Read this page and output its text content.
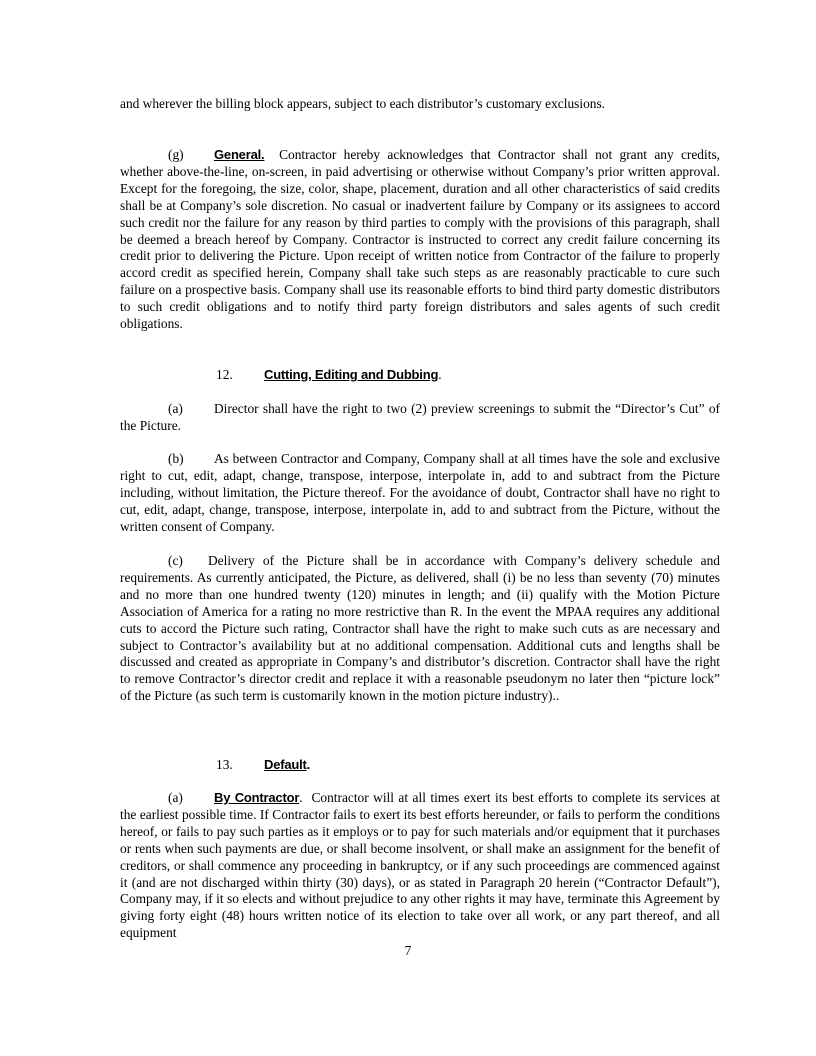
and wherever the billing block appears, subject to each distributor’s customary exclusions.

(g) General. Contractor hereby acknowledges that Contractor shall not grant any credits, whether above-the-line, on-screen, in paid advertising or otherwise without Company’s prior written approval. Except for the foregoing, the size, color, shape, placement, duration and all other characteristics of said credits shall be at Company’s sole discretion. No casual or inadvertent failure by Company or its assignees to accord such credit nor the failure for any reason by third parties to comply with the provisions of this paragraph, shall be deemed a breach hereof by Company. Contractor is instructed to correct any credit failure concerning its credit prior to delivering the Picture. Upon receipt of written notice from Contractor of the failure to properly accord credit as specified herein, Company shall take such steps as are reasonably practicable to cure such failure on a prospective basis. Company shall use its reasonable efforts to bind third party domestic distributors to such credit obligations and to notify third party foreign distributors and sales agents of such credit obligations.

12. Cutting, Editing and Dubbing.

(a) Director shall have the right to two (2) preview screenings to submit the “Director’s Cut” of the Picture.

(b) As between Contractor and Company, Company shall at all times have the sole and exclusive right to cut, edit, adapt, change, transpose, interpose, interpolate in, add to and subtract from the Picture including, without limitation, the Picture thereof. For the avoidance of doubt, Contractor shall have no right to cut, edit, adapt, change, transpose, interpose, interpolate in, add to and subtract from the Picture, without the written consent of Company.

(c) Delivery of the Picture shall be in accordance with Company’s delivery schedule and requirements. As currently anticipated, the Picture, as delivered, shall (i) be no less than seventy (70) minutes and no more than one hundred twenty (120) minutes in length; and (ii) qualify with the Motion Picture Association of America for a rating no more restrictive than R. In the event the MPAA requires any additional cuts to accord the Picture such rating, Contractor shall have the right to make such cuts as are necessary and subject to Contractor’s availability but at no additional compensation. Additional cuts and lengths shall be discussed and created as appropriate in Company’s and distributor’s discretion. Contractor shall have the right to remove Contractor’s director credit and replace it with a reasonable pseudonym no later then “picture lock” of the Picture (as such term is customarily known in the motion picture industry)..

13. Default.

(a) By Contractor. Contractor will at all times exert its best efforts to complete its services at the earliest possible time. If Contractor fails to exert its best efforts hereunder, or fails to perform the conditions hereof, or fails to pay such parties as it employs or to pay for such materials and/or equipment that it purchases or rents when such payments are due, or shall become insolvent, or shall make an assignment for the benefit of creditors, or shall commence any proceeding in bankruptcy, or if any such proceedings are commenced against it (and are not discharged within thirty (30) days), or as stated in Paragraph 20 herein (“Contractor Default”), Company may, if it so elects and without prejudice to any other rights it may have, terminate this Agreement by giving forty eight (48) hours written notice of its election to take over all work, or any part thereof, and all equipment

7
